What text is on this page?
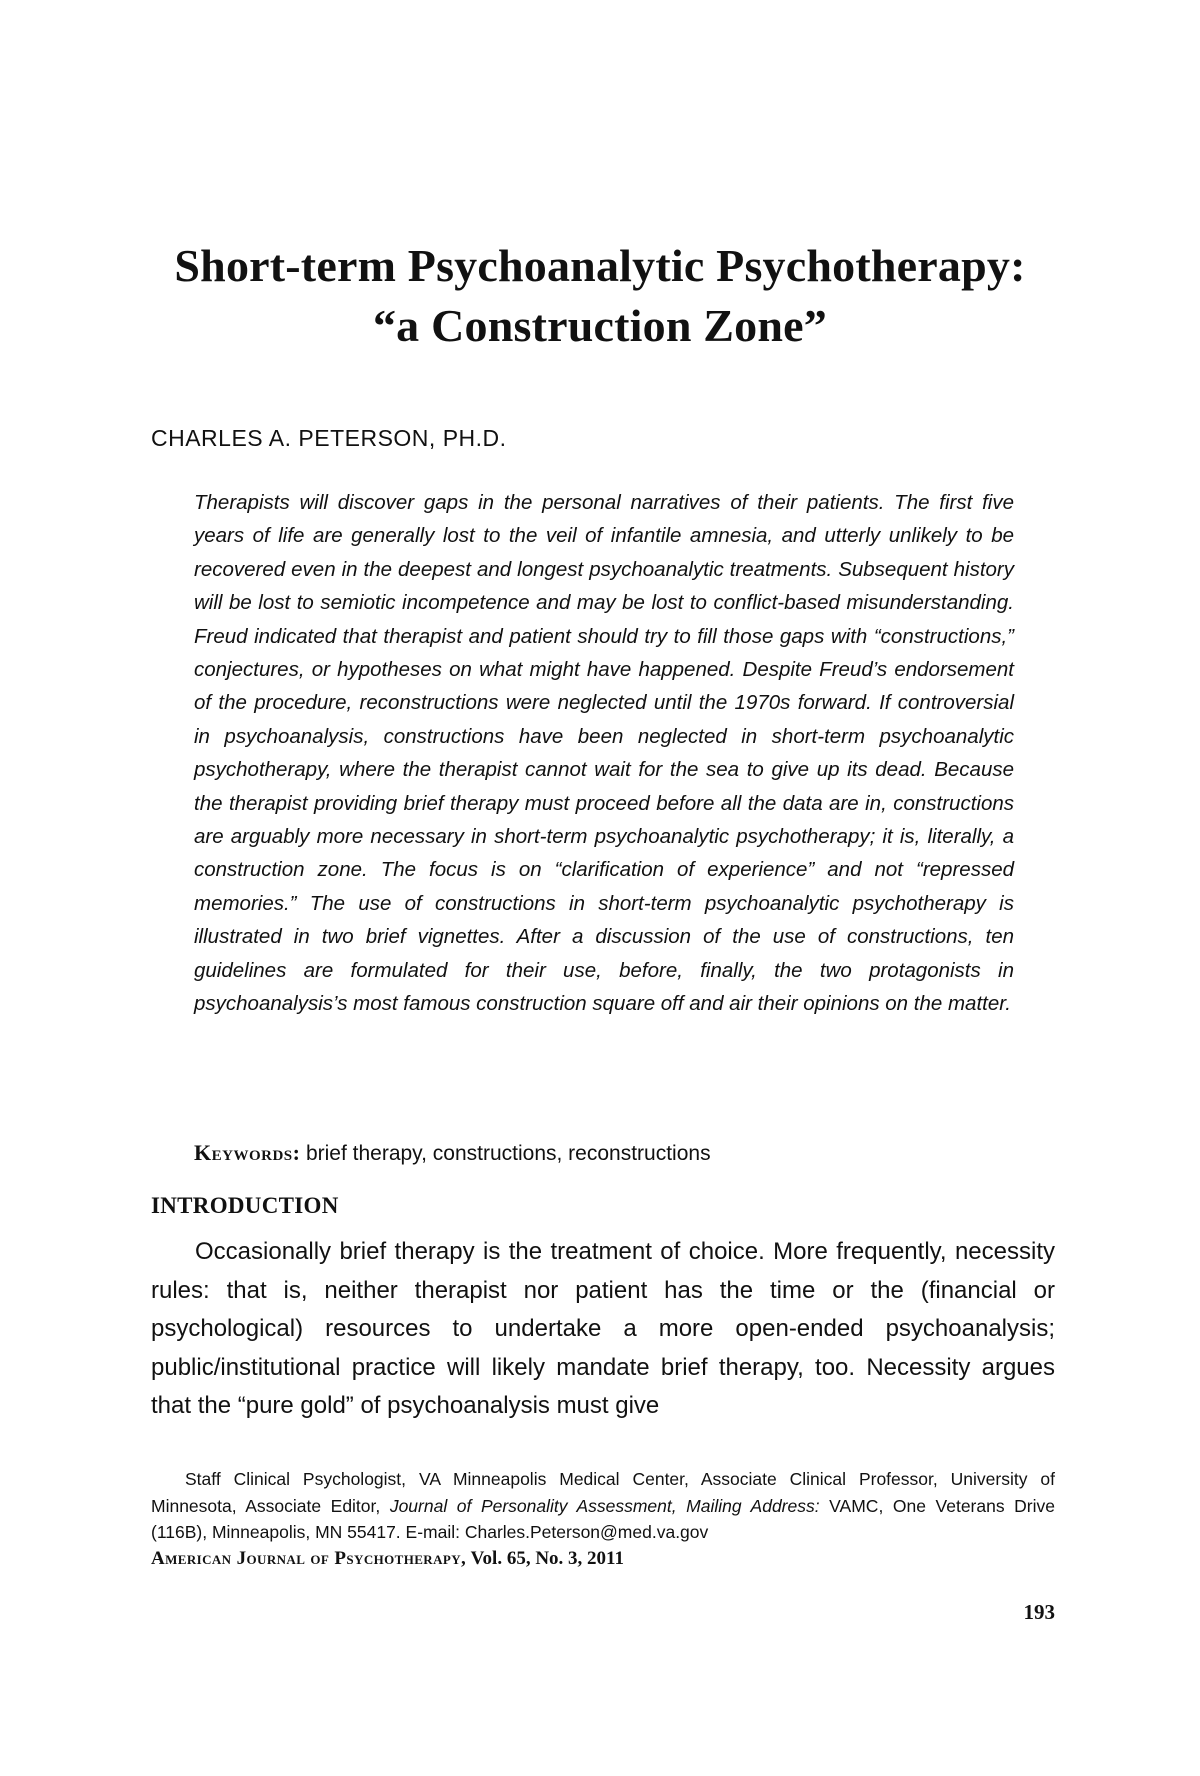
Short-term Psychoanalytic Psychotherapy:
“a Construction Zone”
CHARLES A. PETERSON, PH.D.

Therapists will discover gaps in the personal narratives of their patients. The first five years of life are generally lost to the veil of infantile amnesia, and utterly unlikely to be recovered even in the deepest and longest psychoanalytic treatments. Subsequent history will be lost to semiotic incompetence and may be lost to conflict-based misunderstanding. Freud indicated that therapist and patient should try to fill those gaps with “constructions,” conjectures, or hypotheses on what might have happened. Despite Freud’s endorsement of the procedure, reconstructions were neglected until the 1970s forward. If controversial in psychoanalysis, constructions have been neglected in short-term psychoanalytic psychotherapy, where the therapist cannot wait for the sea to give up its dead. Because the therapist providing brief therapy must proceed before all the data are in, constructions are arguably more necessary in short-term psychoanalytic psychotherapy; it is, literally, a construction zone. The focus is on “clarification of experience” and not “repressed memories.” The use of constructions in short-term psychoanalytic psychotherapy is illustrated in two brief vignettes. After a discussion of the use of constructions, ten guidelines are formulated for their use, before, finally, the two protagonists in psychoanalysis’s most famous construction square off and air their opinions on the matter.

Keywords: brief therapy, constructions, reconstructions
INTRODUCTION

Occasionally brief therapy is the treatment of choice. More frequently, necessity rules: that is, neither therapist nor patient has the time or the (financial or psychological) resources to undertake a more open-ended psychoanalysis; public/institutional practice will likely mandate brief therapy, too. Necessity argues that the “pure gold” of psychoanalysis must give

Staff Clinical Psychologist, VA Minneapolis Medical Center, Associate Clinical Professor, University of Minnesota, Associate Editor, Journal of Personality Assessment, Mailing Address: VAMC, One Veterans Drive (116B), Minneapolis, MN 55417. E-mail: Charles.Peterson@med.va.gov

American Journal of Psychotherapy, Vol. 65, No. 3, 2011
193
